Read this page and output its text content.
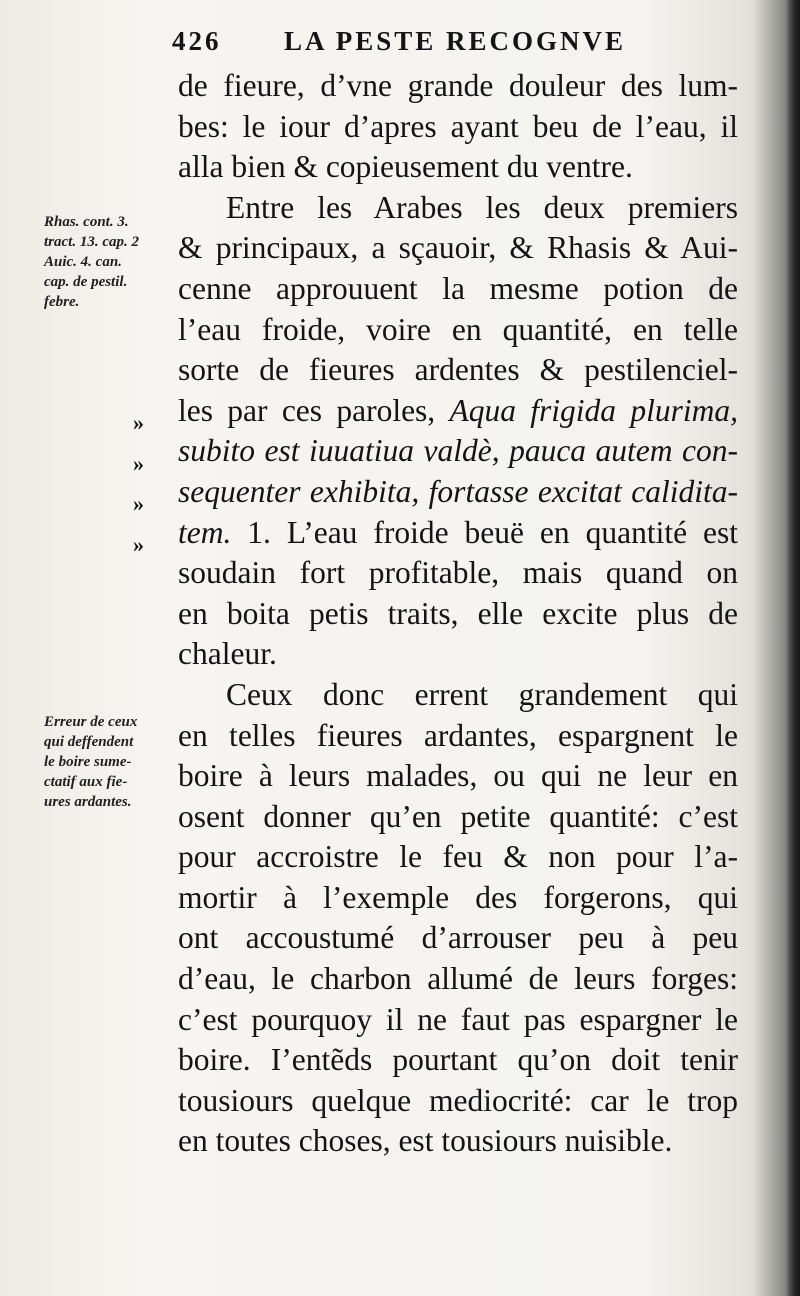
426 LA PESTE RECOGNVE
Rhas. cont. 3.
tract. 13. cap. 2
Auic. 4. can.
cap. de pestil.
febre.
Erreur de ceux
qui deffendent
le boire sume-
ctatif aux fie-
ures ardantes.
»
»
»
»
de fieure, d’vne grande douleur des lum-
bes: le iour d’apres ayant beu de l’eau, il
alla bien & copieusement du ventre.
Entre les Arabes les deux premiers
& principaux, a sçauoir, & Rhasis & Aui-
cenne approuuent la mesme potion de
l’eau froide, voire en quantité, en telle
sorte de fieures ardentes & pestilenciel-
les par ces paroles, Aqua frigida plurima,
subito est iuuatiua valdè, pauca autem con-
sequenter exhibita, fortasse excitat calidita-
tem. 1. L’eau froide beuë en quantité est
soudain fort profitable, mais quand on
en boita petis traits, elle excite plus de
chaleur.
Ceux donc errent grandement qui
en telles fieures ardantes, espargnent le
boire à leurs malades, ou qui ne leur en
osent donner qu’en petite quantité: c’est
pour accroistre le feu & non pour l’a-
mortir à l’exemple des forgerons, qui
ont accoustumé d’arrouser peu à peu
d’eau, le charbon allumé de leurs forges:
c’est pourquoy il ne faut pas espargner le
boire. I’entẽds pourtant qu’on doit tenir
tousiours quelque mediocrité: car le trop
en toutes choses, est tousiours nuisible.
